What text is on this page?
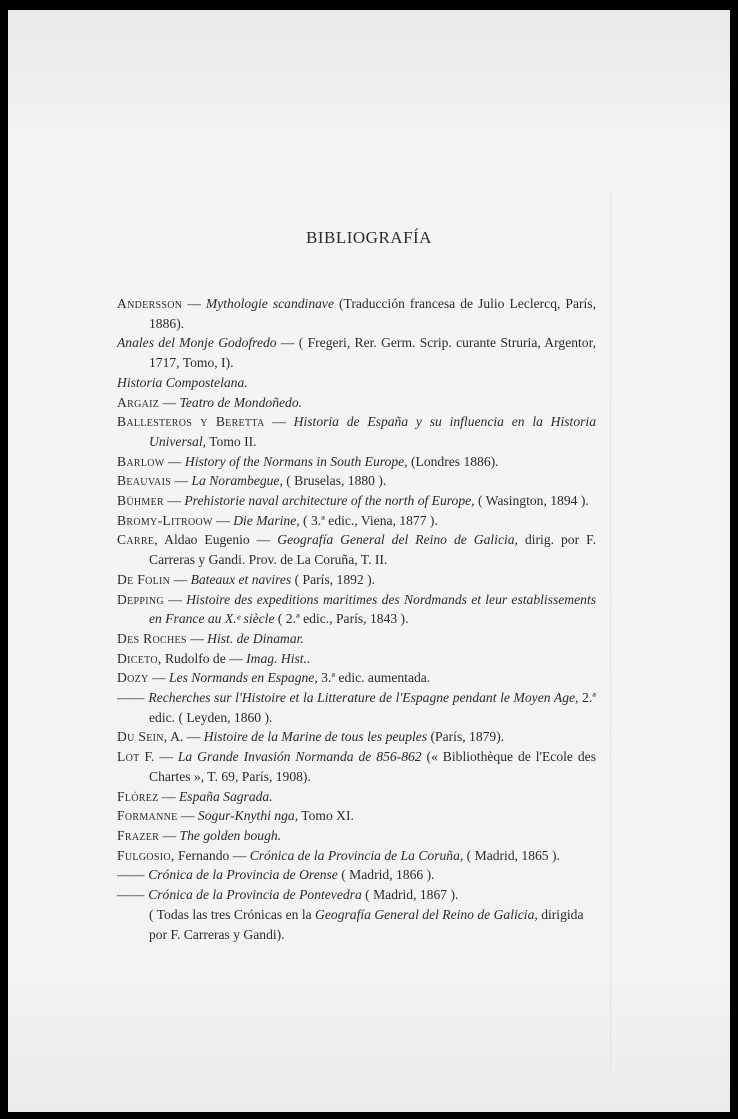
BIBLIOGRAFÍA
Andersson — Mythologie scandinave (Traducción francesa de Julio Leclercq, París, 1886).
Anales del Monje Godofredo — ( Fregeri, Rer. Germ. Scrip. curante Struria, Argentor, 1717, Tomo, I).
Historia Compostelana.
Argaiz — Teatro de Mondoñedo.
Ballesteros y Beretta — Historia de España y su influencia en la Historia Universal, Tomo II.
Barlow — History of the Normans in South Europe, (Londres 1886).
Beauvais — La Norambegue, ( Bruselas, 1880 ).
Bühmer — Prehistorie naval architecture of the north of Europe, ( Wasington, 1894 ).
Bromy-Litroow — Die Marine, ( 3.ª edic., Viena, 1877 ).
Carre, Aldao Eugenio — Geografía General del Reino de Galicia, dirig. por F. Carreras y Gandi. Prov. de La Coruña, T. II.
De Folin — Bateaux et navires ( París, 1892 ).
Depping — Histoire des expeditions maritimes des Nordmands et leur establissements en France au X.ᵉ siècle ( 2.ª edic., París, 1843 ).
Des Roches — Hist. de Dinamar.
Diceto, Rudolfo de — Imag. Hist..
Dozy — Les Normands en Espagne, 3.ª edic. aumentada.
—— Recherches sur l'Histoire et la Litterature de l'Espagne pendant le Moyen Age, 2.ª edic. ( Leyden, 1860 ).
Du Sein, A. — Histoire de la Marine de tous les peuples (París, 1879).
Lot F. — La Grande Invasión Normanda de 856-862 (« Bibliothèque de l'Ecole des Chartes », T. 69, París, 1908).
Flórez — España Sagrada.
Formanne — Sogur-Knythi nga, Tomo XI.
Frazer — The golden bough.
Fulgosio, Fernando — Crónica de la Provincia de La Coruña, ( Madrid, 1865 ).
—— Crónica de la Provincia de Orense ( Madrid, 1866 ).
—— Crónica de la Provincia de Pontevedra ( Madrid, 1867 ).
( Todas las tres Crónicas en la Geografía General del Reino de Galicia, dirigida por F. Carreras y Gandi).
